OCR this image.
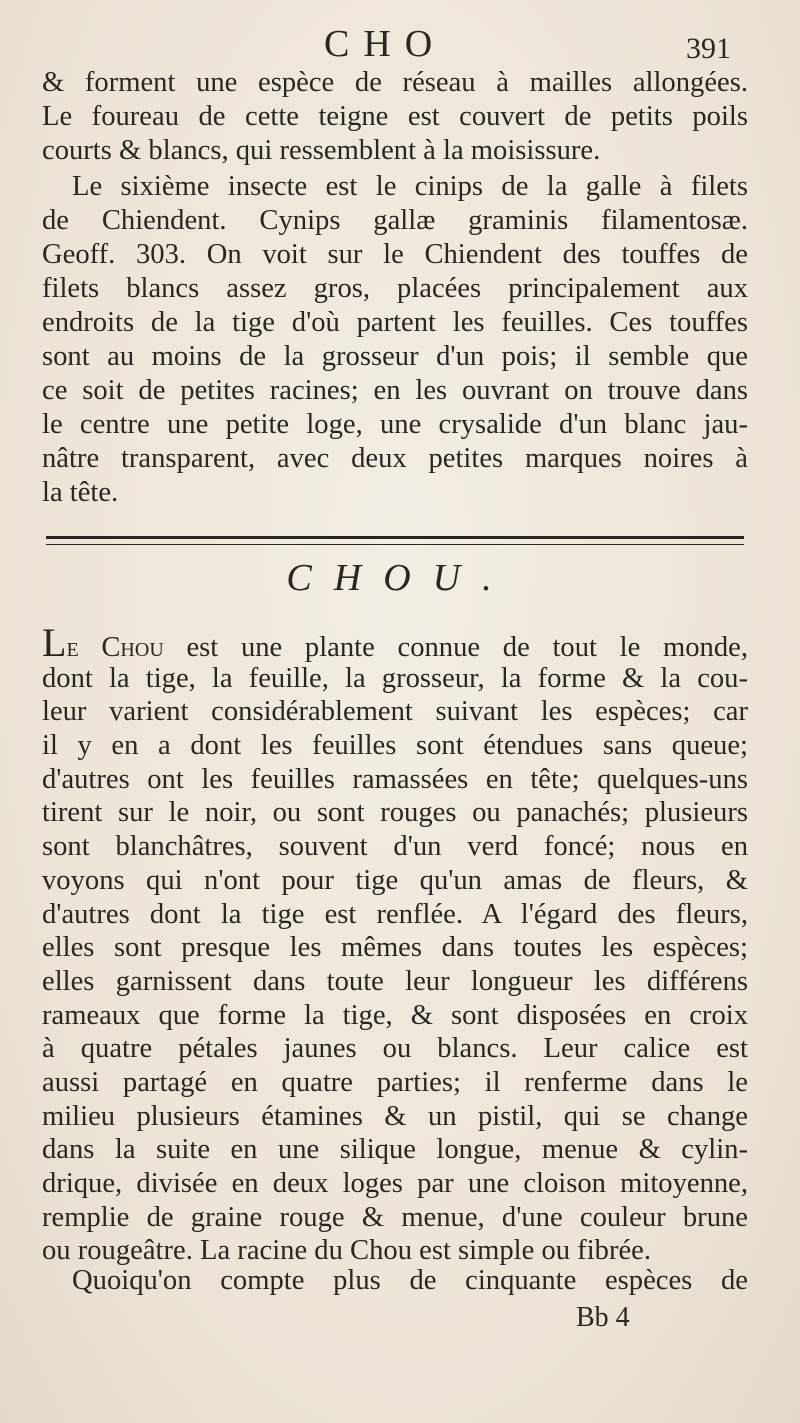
CHO	391
& forment une espèce de réseau à mailles allongées.
Le foureau de cette teigne est couvert de petits poils
courts & blancs, qui ressemblent à la moisissure.
Le sixième insecte est le cinips de la galle à filets
de Chiendent. Cynips gallæ graminis filamentosæ.
Geoff. 303. On voit sur le Chiendent des touffes de
filets blancs assez gros, placées principalement aux
endroits de la tige d'où partent les feuilles. Ces touffes
sont au moins de la grosseur d'un pois; il semble que
ce soit de petites racines; en les ouvrant on trouve dans
le centre une petite loge, une crysalide d'un blanc jau-
nâtre transparent, avec deux petites marques noires à
la tête.
CHOU.
Le Chou est une plante connue de tout le monde,
dont la tige, la feuille, la grosseur, la forme & la cou-
leur varient considérablement suivant les espèces; car
il y en a dont les feuilles sont étendues sans queue;
d'autres ont les feuilles ramassées en tête; quelques-uns
tirent sur le noir, ou sont rouges ou panachés; plusieurs
sont blanchâtres, souvent d'un verd foncé; nous en
voyons qui n'ont pour tige qu'un amas de fleurs, &
d'autres dont la tige est renflée. A l'égard des fleurs,
elles sont presque les mêmes dans toutes les espèces;
elles garnissent dans toute leur longueur les différens
rameaux que forme la tige, & sont disposées en croix
à quatre pétales jaunes ou blancs. Leur calice est
aussi partagé en quatre parties; il renferme dans le
milieu plusieurs étamines & un pistil, qui se change
dans la suite en une silique longue, menue & cylin-
drique, divisée en deux loges par une cloison mitoyenne,
remplie de graine rouge & menue, d'une couleur brune
ou rougeâtre. La racine du Chou est simple ou fibrée.
Quoiqu'on compte plus de cinquante espèces de
Bb 4
